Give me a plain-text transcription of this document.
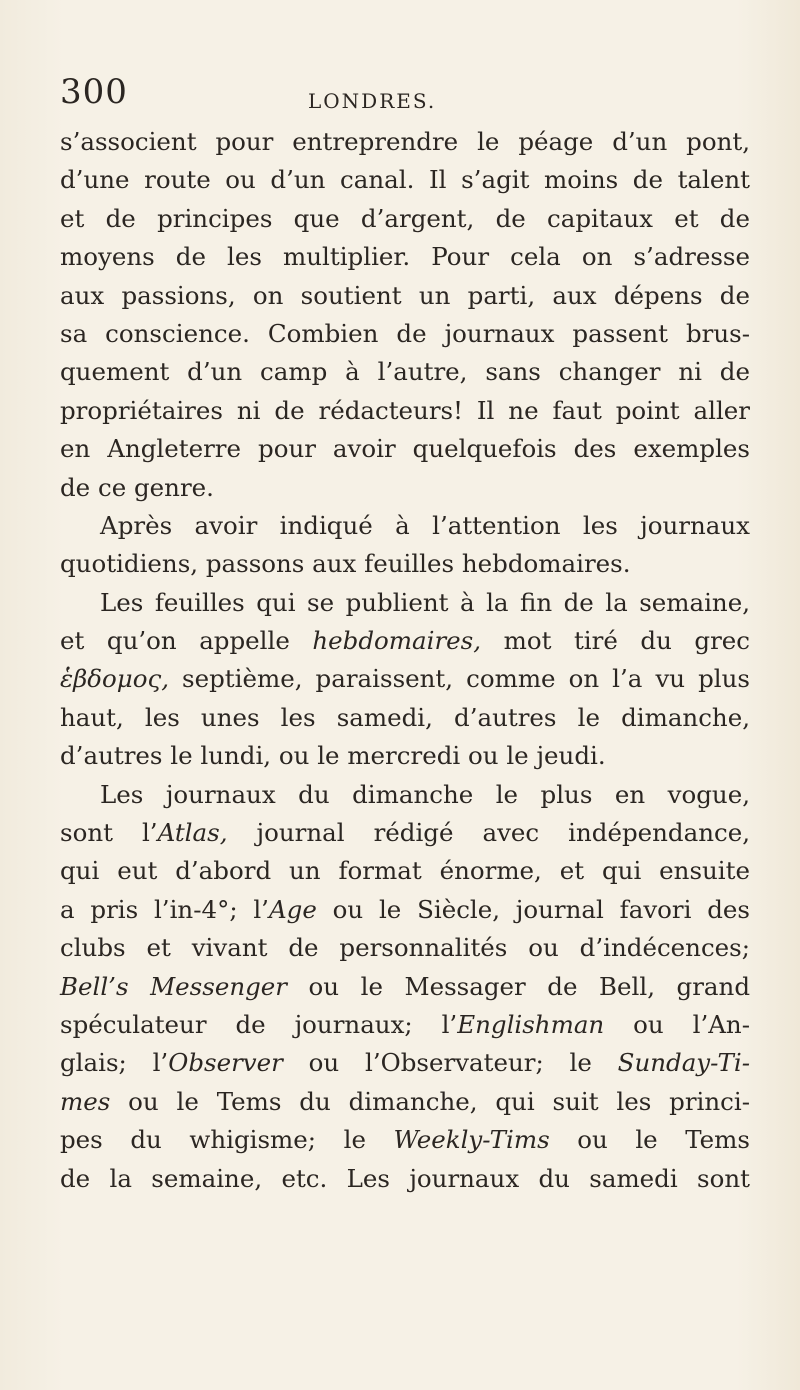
300	LONDRES.
s’associent pour entreprendre le péage d’un pont,
d’une route ou d’un canal. Il s’agit moins de talent
et de principes que d’argent, de capitaux et de
moyens de les multiplier. Pour cela on s’adresse
aux passions, on soutient un parti, aux dépens de
sa conscience. Combien de journaux passent brus-
quement d’un camp à l’autre, sans changer ni de
propriétaires ni de rédacteurs! Il ne faut point aller
en Angleterre pour avoir quelquefois des exemples
de ce genre.
Après avoir indiqué à l’attention les journaux
quotidiens, passons aux feuilles hebdomaires.
Les feuilles qui se publient à la fin de la semaine,
et qu’on appelle hebdomaires, mot tiré du grec
ἑβδομος, septième, paraissent, comme on l’a vu plus
haut, les unes les samedi, d’autres le dimanche,
d’autres le lundi, ou le mercredi ou le jeudi.
Les journaux du dimanche le plus en vogue,
sont l’Atlas, journal rédigé avec indépendance,
qui eut d’abord un format énorme, et qui ensuite
a pris l’in-4°; l’Age ou le Siècle, journal favori des
clubs et vivant de personnalités ou d’indécences;
Bell’s Messenger ou le Messager de Bell, grand
spéculateur de journaux; l’Englishman ou l’An-
glais; l’Observer ou l’Observateur; le Sunday-Ti-
mes ou le Tems du dimanche, qui suit les princi-
pes du whigisme; le Weekly-Tims ou le Tems
de la semaine, etc. Les journaux du samedi sont
